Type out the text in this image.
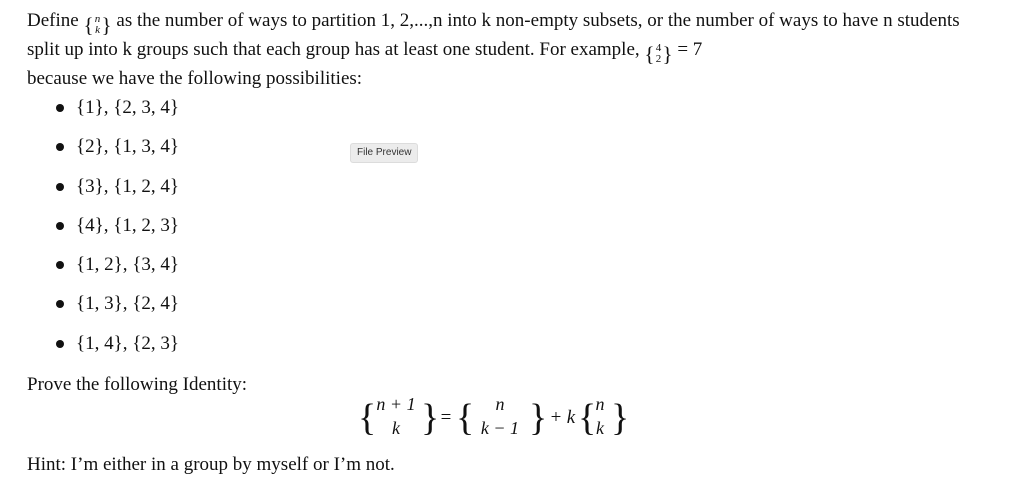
Define { n
k } as the number of ways to partition 1, 2,...,n into k non-empty subsets, or the number of ways to have n students split up into k groups such that each group has at least one student. For example, { 4
2 } = 7
because we have the following possibilities:
{1}, {2, 3, 4}
{2}, {1, 3, 4}
{3}, {1, 2, 4}
{4}, {1, 2, 3}
{1, 2}, {3, 4}
{1, 3}, {2, 4}
{1, 4}, {2, 3}
File Preview
Prove the following Identity:
{ n + 1
k } = { n
k − 1 } + k { n
k }
Hint: I’m either in a group by myself or I’m not.
